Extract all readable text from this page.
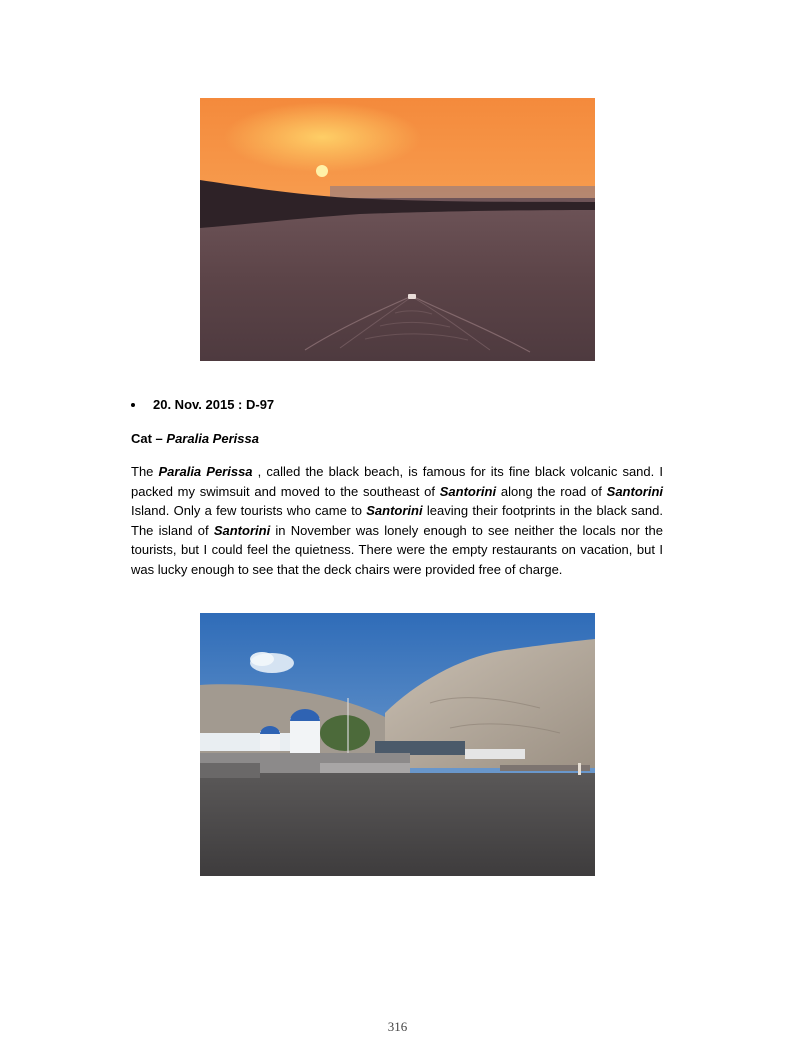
20. Nov. 2015 : D-97
Cat – Paralia Perissa

The Paralia Perissa , called the black beach, is famous for its fine black volcanic sand. I packed my swimsuit and moved to the southeast of Santorini along the road of Santorini Island. Only a few tourists who came to Santorini leaving their footprints in the black sand. The island of Santorini in November was lonely enough to see neither the locals nor the tourists, but I could feel the quietness. There were the empty restaurants on vacation, but I was lucky enough to see that the deck chairs were provided free of charge.

316
